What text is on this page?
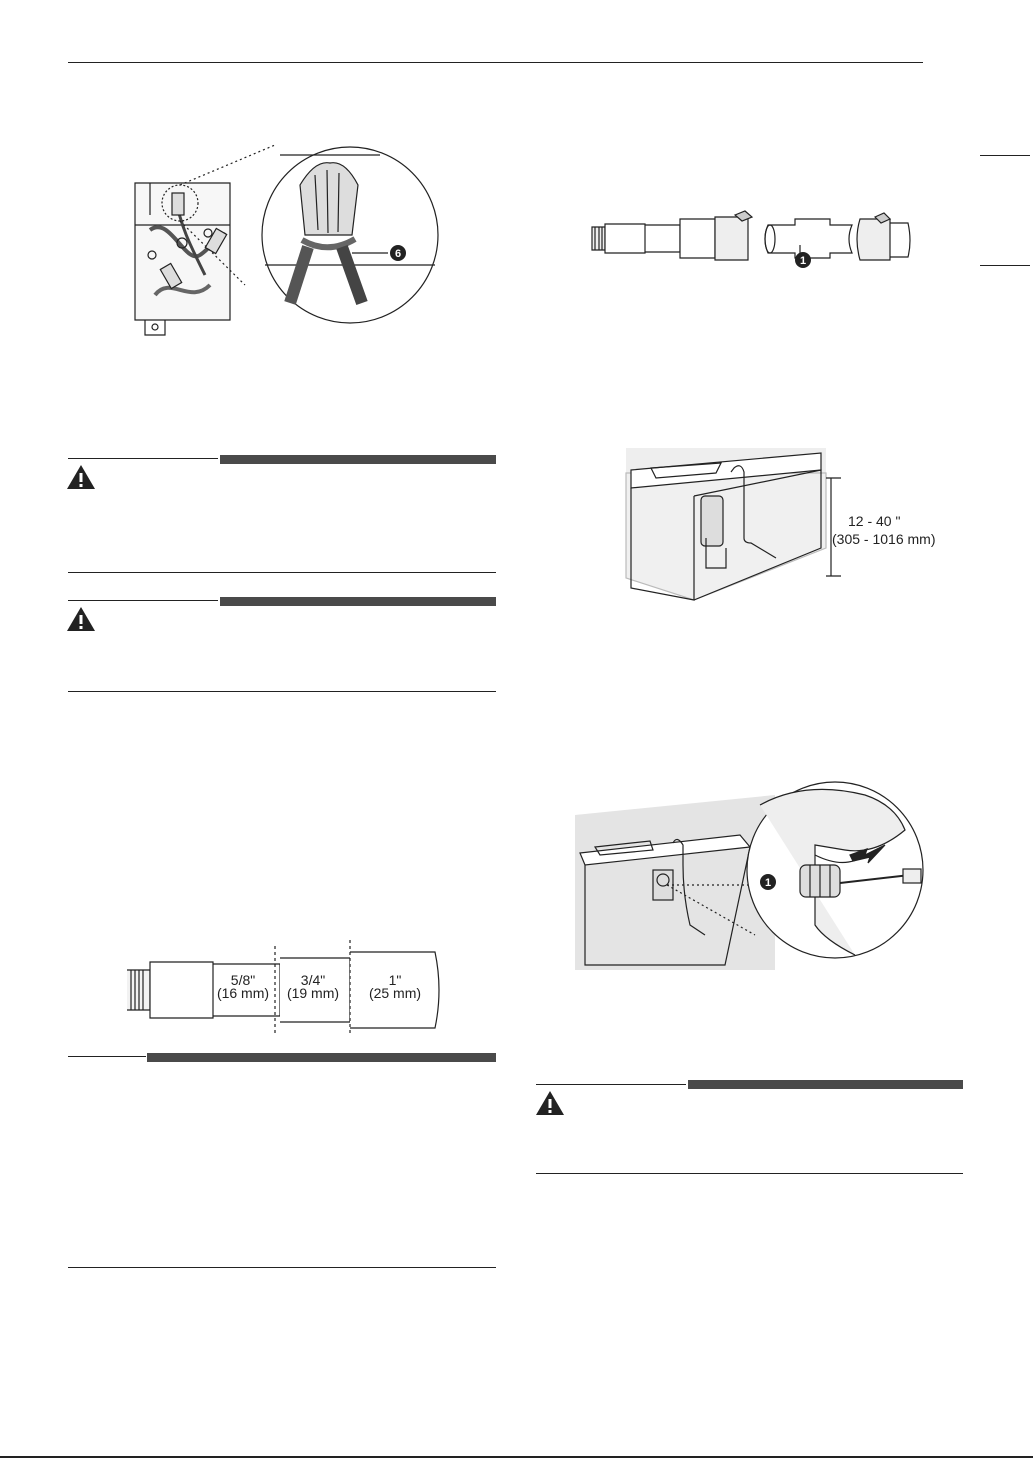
6
5/8"
(16 mm)
3/4"
(19 mm)
1"
(25 mm)
1
12 - 40 "
(305 - 1016 mm)
1
